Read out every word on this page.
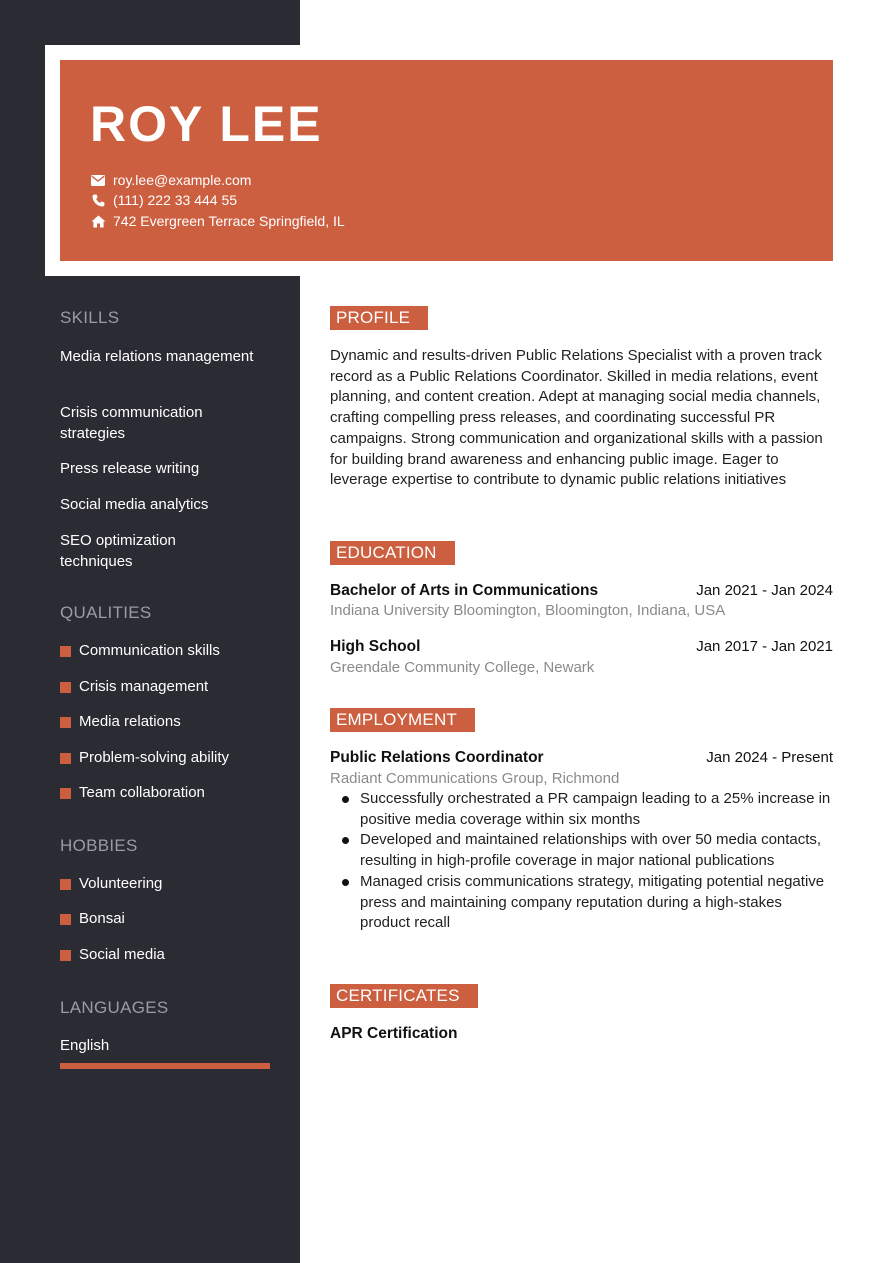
ROY LEE
roy.lee@example.com
(111) 222 33 444 55
742 Evergreen Terrace Springfield, IL
SKILLS
Media relations management
Crisis communication strategies
Press release writing
Social media analytics
SEO optimization techniques
QUALITIES
Communication skills
Crisis management
Media relations
Problem-solving ability
Team collaboration
HOBBIES
Volunteering
Bonsai
Social media
LANGUAGES
English
PROFILE
Dynamic and results-driven Public Relations Specialist with a proven track record as a Public Relations Coordinator. Skilled in media relations, event planning, and content creation. Adept at managing social media channels, crafting compelling press releases, and coordinating successful PR campaigns. Strong communication and organizational skills with a passion for building brand awareness and enhancing public image. Eager to leverage expertise to contribute to dynamic public relations initiatives
EDUCATION
Bachelor of Arts in Communications	Jan 2021 - Jan 2024
Indiana University Bloomington, Bloomington, Indiana, USA
High School	Jan 2017 - Jan 2021
Greendale Community College, Newark
EMPLOYMENT
Public Relations Coordinator	Jan 2024 - Present
Radiant Communications Group, Richmond
Successfully orchestrated a PR campaign leading to a 25% increase in positive media coverage within six months
Developed and maintained relationships with over 50 media contacts, resulting in high-profile coverage in major national publications
Managed crisis communications strategy, mitigating potential negative press and maintaining company reputation during a high-stakes product recall
CERTIFICATES
APR Certification
